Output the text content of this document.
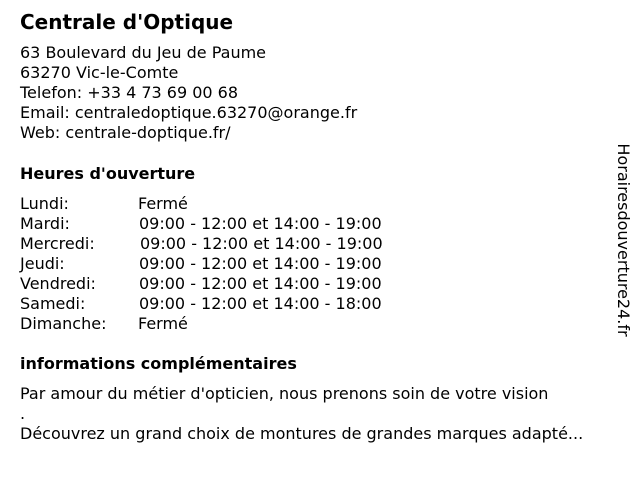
Centrale d'Optique
63 Boulevard du Jeu de Paume
63270 Vic-le-Comte
Telefon: +33 4 73 69 00 68
Email: centraledoptique.63270@orange.fr
Web: centrale-doptique.fr/
Heures d'ouverture
Lundi:	Fermé
Mardi:	09:00 - 12:00 et 14:00 - 19:00
Mercredi:	09:00 - 12:00 et 14:00 - 19:00
Jeudi:	09:00 - 12:00 et 14:00 - 19:00
Vendredi:	09:00 - 12:00 et 14:00 - 19:00
Samedi:	09:00 - 12:00 et 14:00 - 18:00
Dimanche: Fermé
informations complémentaires
Par amour du métier d'opticien, nous prenons soin de votre vision
.
Découvrez un grand choix de montures de grandes marques adapté...
Horairesdouverture24.fr
